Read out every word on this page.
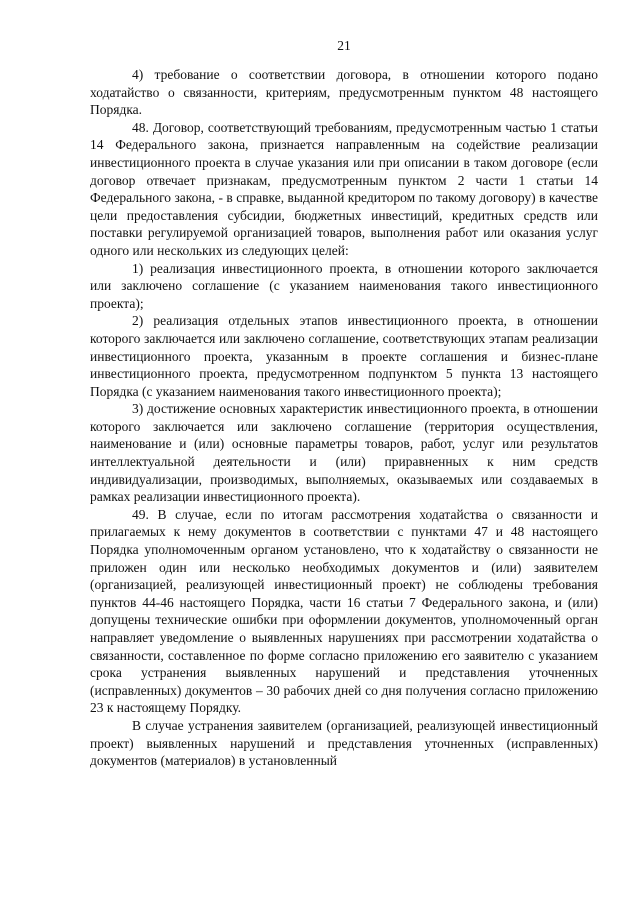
21

4) требование о соответствии договора, в отношении которого подано ходатайство о связанности, критериям, предусмотренным пунктом 48 настоящего Порядка.

48. Договор, соответствующий требованиям, предусмотренным частью 1 статьи 14 Федерального закона, признается направленным на содействие реализации инвестиционного проекта в случае указания или при описании в таком договоре (если договор отвечает признакам, предусмотренным пунктом 2 части 1 статьи 14 Федерального закона, - в справке, выданной кредитором по такому договору) в качестве цели предоставления субсидии, бюджетных инвестиций, кредитных средств или поставки регулируемой организацией товаров, выполнения работ или оказания услуг одного или нескольких из следующих целей:

1) реализация инвестиционного проекта, в отношении которого заключается или заключено соглашение (с указанием наименования такого инвестиционного проекта);

2) реализация отдельных этапов инвестиционного проекта, в отношении которого заключается или заключено соглашение, соответствующих этапам реализации инвестиционного проекта, указанным в проекте соглашения и бизнес-плане инвестиционного проекта, предусмотренном подпунктом 5 пункта 13 настоящего Порядка (с указанием наименования такого инвестиционного проекта);

3) достижение основных характеристик инвестиционного проекта, в отношении которого заключается или заключено соглашение (территория осуществления, наименование и (или) основные параметры товаров, работ, услуг или результатов интеллектуальной деятельности и (или) приравненных к ним средств индивидуализации, производимых, выполняемых, оказываемых или создаваемых в рамках реализации инвестиционного проекта).

49. В случае, если по итогам рассмотрения ходатайства о связанности и прилагаемых к нему документов в соответствии с пунктами 47 и 48 настоящего Порядка уполномоченным органом установлено, что к ходатайству о связанности не приложен один или несколько необходимых документов и (или) заявителем (организацией, реализующей инвестиционный проект) не соблюдены требования пунктов 44-46 настоящего Порядка, части 16 статьи 7 Федерального закона, и (или) допущены технические ошибки при оформлении документов, уполномоченный орган направляет уведомление о выявленных нарушениях при рассмотрении ходатайства о связанности, составленное по форме согласно приложению его заявителю с указанием срока устранения выявленных нарушений и представления уточненных (исправленных) документов – 30 рабочих дней со дня получения согласно приложению 23 к настоящему Порядку.

В случае устранения заявителем (организацией, реализующей инвестиционный проект) выявленных нарушений и представления уточненных (исправленных) документов (материалов) в установленный
